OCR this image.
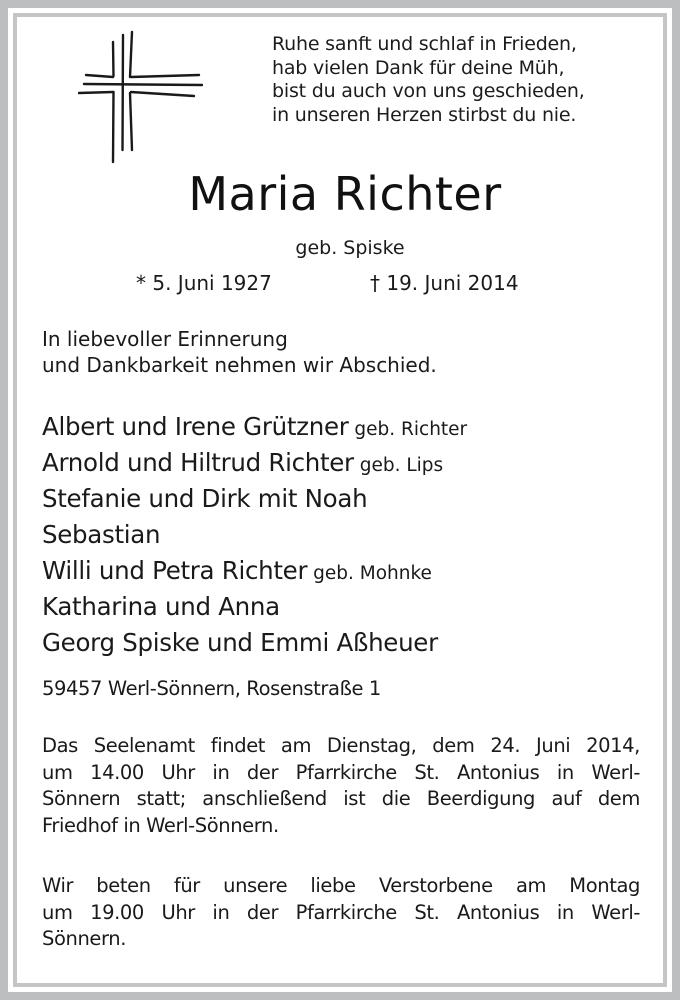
Ruhe sanft und schlaf in Frieden,
hab vielen Dank für deine Müh,
bist du auch von uns geschieden,
in unseren Herzen stirbst du nie.
Maria Richter
geb. Spiske
* 5. Juni 1927	† 19. Juni 2014
In liebevoller Erinnerung
und Dankbarkeit nehmen wir Abschied.
Albert und Irene Grützner geb. Richter
Arnold und Hiltrud Richter geb. Lips
Stefanie und Dirk mit Noah
Sebastian
Willi und Petra Richter geb. Mohnke
Katharina und Anna
Georg Spiske und Emmi Aßheuer
59457 Werl-Sönnern, Rosenstraße 1
Das Seelenamt findet am Dienstag, dem 24. Juni 2014,
um 14.00 Uhr in der Pfarrkirche St. Antonius in Werl-
Sönnern statt; anschließend ist die Beerdigung auf dem
Friedhof in Werl-Sönnern.
Wir beten für unsere liebe Verstorbene am Montag
um 19.00 Uhr in der Pfarrkirche St. Antonius in Werl-
Sönnern.
